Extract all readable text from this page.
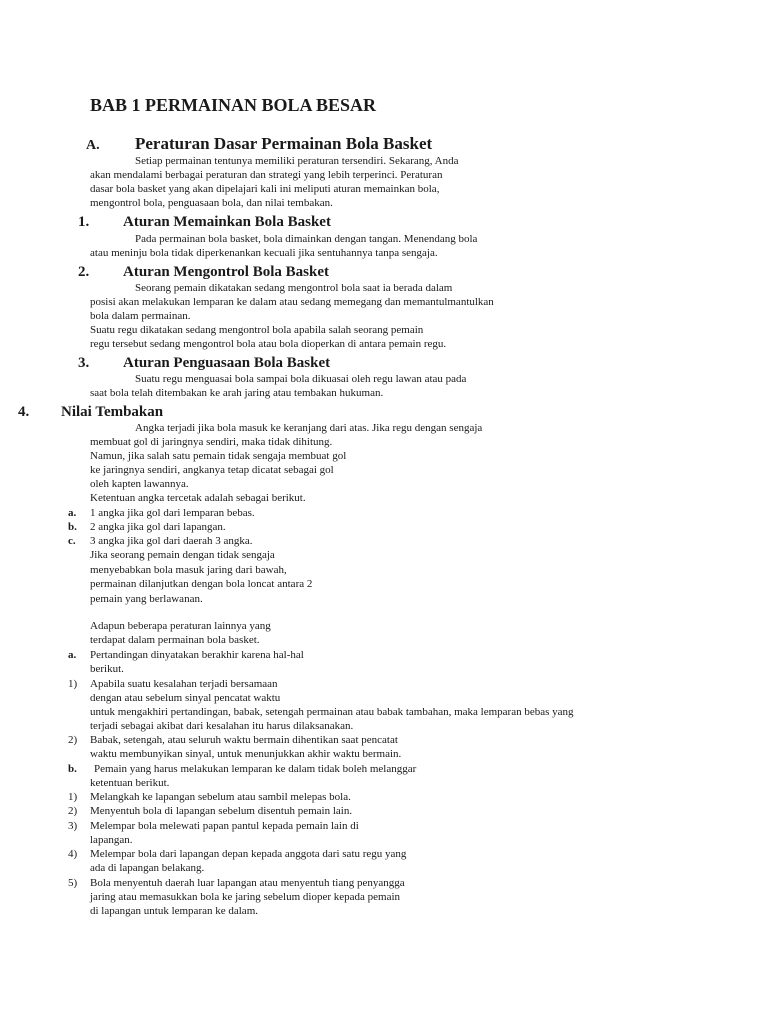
BAB 1 PERMAINAN BOLA BESAR
A. Peraturan Dasar Permainan Bola Basket
Setiap permainan tentunya memiliki peraturan tersendiri. Sekarang, Anda
akan mendalami berbagai peraturan dan strategi yang lebih terperinci. Peraturan
dasar bola basket yang akan dipelajari kali ini meliputi aturan memainkan bola,
mengontrol bola, penguasaan bola, dan nilai tembakan.
1. Aturan Memainkan Bola Basket
Pada permainan bola basket, bola dimainkan dengan tangan. Menendang bola
atau meninju bola tidak diperkenankan kecuali jika sentuhannya tanpa sengaja.
2. Aturan Mengontrol Bola Basket
Seorang pemain dikatakan sedang mengontrol bola saat ia berada dalam
posisi akan melakukan lemparan ke dalam atau sedang memegang dan memantulmantulkan
bola dalam permainan.
Suatu regu dikatakan sedang mengontrol bola apabila salah seorang pemain
regu tersebut sedang mengontrol bola atau bola dioperkan di antara pemain regu.
3. Aturan Penguasaan Bola Basket
Suatu regu menguasai bola sampai bola dikuasai oleh regu lawan atau pada
saat bola telah ditembakan ke arah jaring atau tembakan hukuman.
4. Nilai Tembakan
Angka terjadi jika bola masuk ke keranjang dari atas. Jika regu dengan sengaja
membuat gol di jaringnya sendiri, maka tidak dihitung.
Namun, jika salah satu pemain tidak sengaja membuat gol
ke jaringnya sendiri, angkanya tetap dicatat sebagai gol
oleh kapten lawannya.
Ketentuan angka tercetak adalah sebagai berikut.
a. 1 angka jika gol dari lemparan bebas.
b. 2 angka jika gol dari lapangan.
c. 3 angka jika gol dari daerah 3 angka.
Jika seorang pemain dengan tidak sengaja
menyebabkan bola masuk jaring dari bawah,
permainan dilanjutkan dengan bola loncat antara 2
pemain yang berlawanan.
Adapun beberapa peraturan lainnya yang
terdapat dalam permainan bola basket.
a. Pertandingan dinyatakan berakhir karena hal-hal
berikut.
1) Apabila suatu kesalahan terjadi bersamaan
dengan atau sebelum sinyal pencatat waktu
untuk mengakhiri pertandingan, babak, setengah permainan atau babak tambahan, maka lemparan bebas yang
terjadi sebagai akibat dari kesalahan itu harus dilaksanakan.
2) Babak, setengah, atau seluruh waktu bermain dihentikan saat pencatat
waktu membunyikan sinyal, untuk menunjukkan akhir waktu bermain.
b. Pemain yang harus melakukan lemparan ke dalam tidak boleh melanggar
ketentuan berikut.
1) Melangkah ke lapangan sebelum atau sambil melepas bola.
2) Menyentuh bola di lapangan sebelum disentuh pemain lain.
3) Melempar bola melewati papan pantul kepada pemain lain di
lapangan.
4) Melempar bola dari lapangan depan kepada anggota dari satu regu yang
ada di lapangan belakang.
5) Bola menyentuh daerah luar lapangan atau menyentuh tiang penyangga
jaring atau memasukkan bola ke jaring sebelum dioper kepada pemain
di lapangan untuk lemparan ke dalam.
